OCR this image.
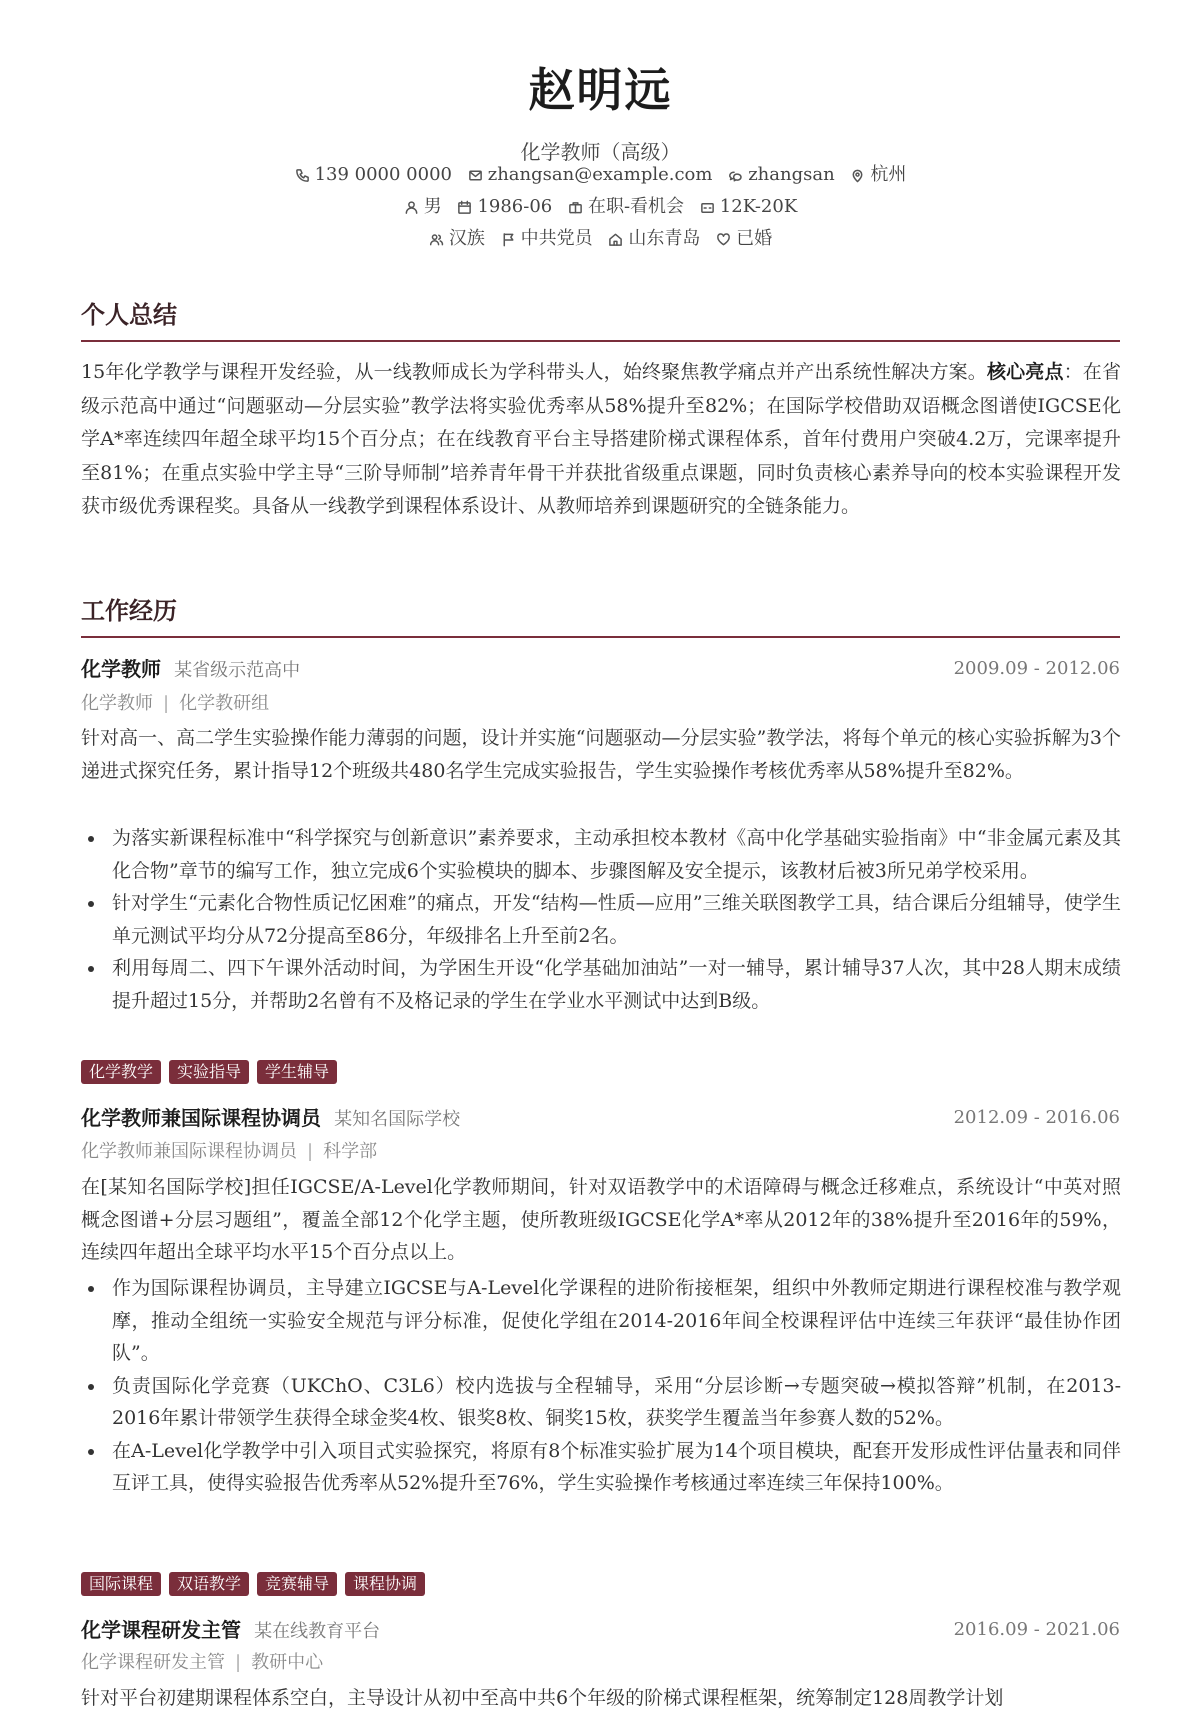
赵明远
化学教师（高级）
139 0000 0000
zhangsan@example.com
zhangsan
杭州
男
1986-06
在职-看机会
12K-20K
汉族
中共党员
山东青岛
已婚
个人总结
15年化学教学与课程开发经验，从一线教师成长为学科带头人，始终聚焦教学痛点并产出系统性解决方案。核心亮点：在省级示范高中通过“问题驱动—分层实验”教学法将实验优秀率从58%提升至82%；在国际学校借助双语概念图谱使IGCSE化学A*率连续四年超全球平均15个百分点；在在线教育平台主导搭建阶梯式课程体系，首年付费用户突破4.2万，完课率提升至81%；在重点实验中学主导“三阶导师制”培养青年骨干并获批省级重点课题，同时负责核心素养导向的校本实验课程开发获市级优秀课程奖。具备从一线教学到课程体系设计、从教师培养到课题研究的全链条能力。
工作经历
化学教师 某省级示范高中	2009.09 - 2012.06
化学教师 | 化学教研组
针对高一、高二学生实验操作能力薄弱的问题，设计并实施“问题驱动—分层实验”教学法，将每个单元的核心实验拆解为3个递进式探究任务，累计指导12个班级共480名学生完成实验报告，学生实验操作考核优秀率从58%提升至82%。
为落实新课程标准中“科学探究与创新意识”素养要求，主动承担校本教材《高中化学基础实验指南》中“非金属元素及其化合物”章节的编写工作，独立完成6个实验模块的脚本、步骤图解及安全提示，该教材后被3所兄弟学校采用。
针对学生“元素化合物性质记忆困难”的痛点，开发“结构—性质—应用”三维关联图教学工具，结合课后分组辅导，使学生单元测试平均分从72分提高至86分，年级排名上升至前2名。
利用每周二、四下午课外活动时间，为学困生开设“化学基础加油站”一对一辅导，累计辅导37人次，其中28人期末成绩提升超过15分，并帮助2名曾有不及格记录的学生在学业水平测试中达到B级。
化学教学	实验指导	学生辅导
化学教师兼国际课程协调员 某知名国际学校	2012.09 - 2016.06
化学教师兼国际课程协调员 | 科学部
在[某知名国际学校]担任IGCSE/A-Level化学教师期间，针对双语教学中的术语障碍与概念迁移难点，系统设计“中英对照概念图谱+分层习题组”，覆盖全部12个化学主题，使所教班级IGCSE化学A*率从2012年的38%提升至2016年的59%，连续四年超出全球平均水平15个百分点以上。
作为国际课程协调员，主导建立IGCSE与A-Level化学课程的进阶衔接框架，组织中外教师定期进行课程校准与教学观摩，推动全组统一实验安全规范与评分标准，促使化学组在2014-2016年间全校课程评估中连续三年获评“最佳协作团队”。
负责国际化学竞赛（UKChO、C3L6）校内选拔与全程辅导，采用“分层诊断→专题突破→模拟答辩”机制，在2013-2016年累计带领学生获得全球金奖4枚、银奖8枚、铜奖15枚，获奖学生覆盖当年参赛人数的52%。
在A-Level化学教学中引入项目式实验探究，将原有8个标准实验扩展为14个项目模块，配套开发形成性评估量表和同伴互评工具，使得实验报告优秀率从52%提升至76%，学生实验操作考核通过率连续三年保持100%。
国际课程	双语教学	竞赛辅导	课程协调
化学课程研发主管 某在线教育平台	2016.09 - 2021.06
化学课程研发主管 | 教研中心
针对平台初建期课程体系空白，主导设计从初中至高中共6个年级的阶梯式课程框架，统筹制定128周教学计划
